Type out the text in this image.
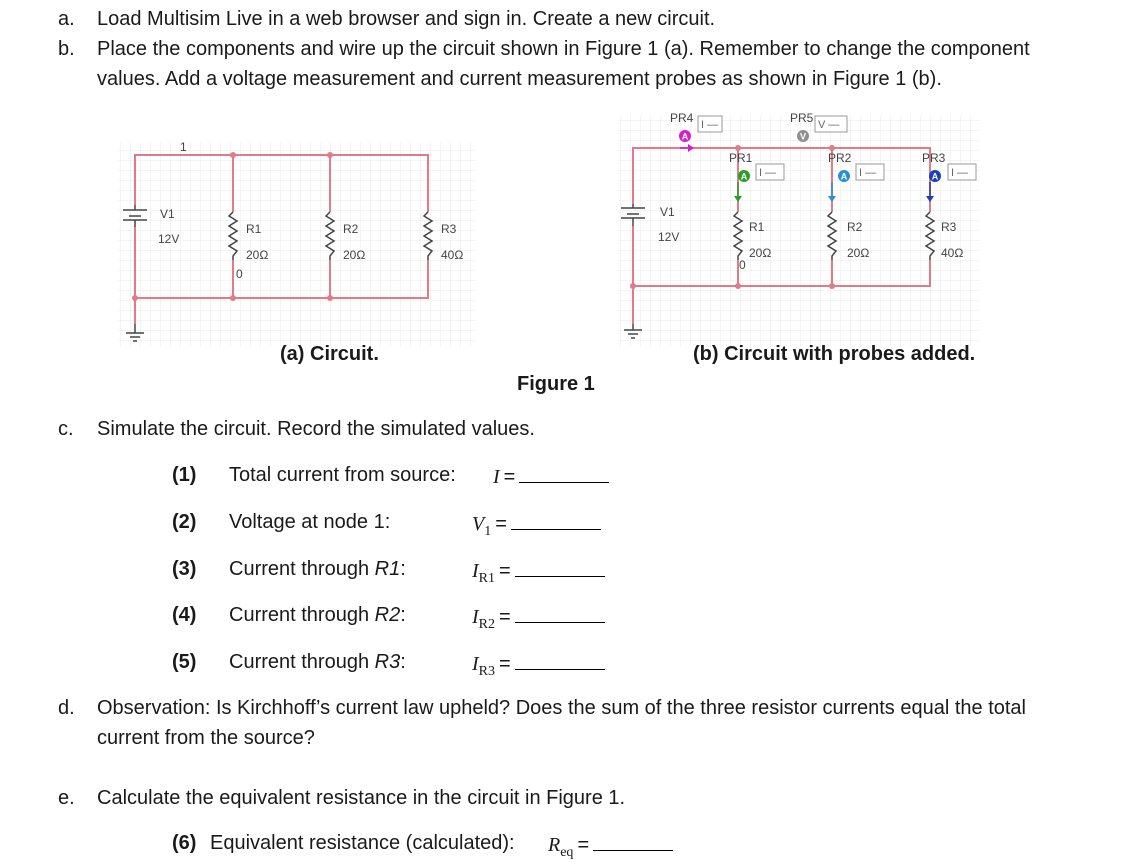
a. Load Multisim Live in a web browser and sign in. Create a new circuit.
b. Place the components and wire up the circuit shown in Figure 1 (a). Remember to change the component
values. Add a voltage measurement and current measurement probes as shown in Figure 1 (b).
1
V1
12V
R1
20Ω
0
R2
20Ω
R3
40Ω
PR4
A
I —	PR5
V
V —
PR1
A I —
PR2
A I —
PR3
A I —
V1
12V
R1
20Ω
0
R2
20Ω
R3
40Ω
(a) Circuit.	(b) Circuit with probes added.
Figure 1
c. Simulate the circuit. Record the simulated values.
(1) Total current from source: I =
(2) Voltage at node 1:	$V_1$ =
(3) Current through R1:	$I_{R1}$ =
(4) Current through R2:	$I_{R2}$ =
(5) Current through R3:	$I_{R3}$ =
(6) Equivalent resistance (calculated): $R_{eq}$ =
d. Observation: Is Kirchhoff’s current law upheld? Does the sum of the three resistor currents equal the total
current from the source?
e. Calculate the equivalent resistance in the circuit in Figure 1.
